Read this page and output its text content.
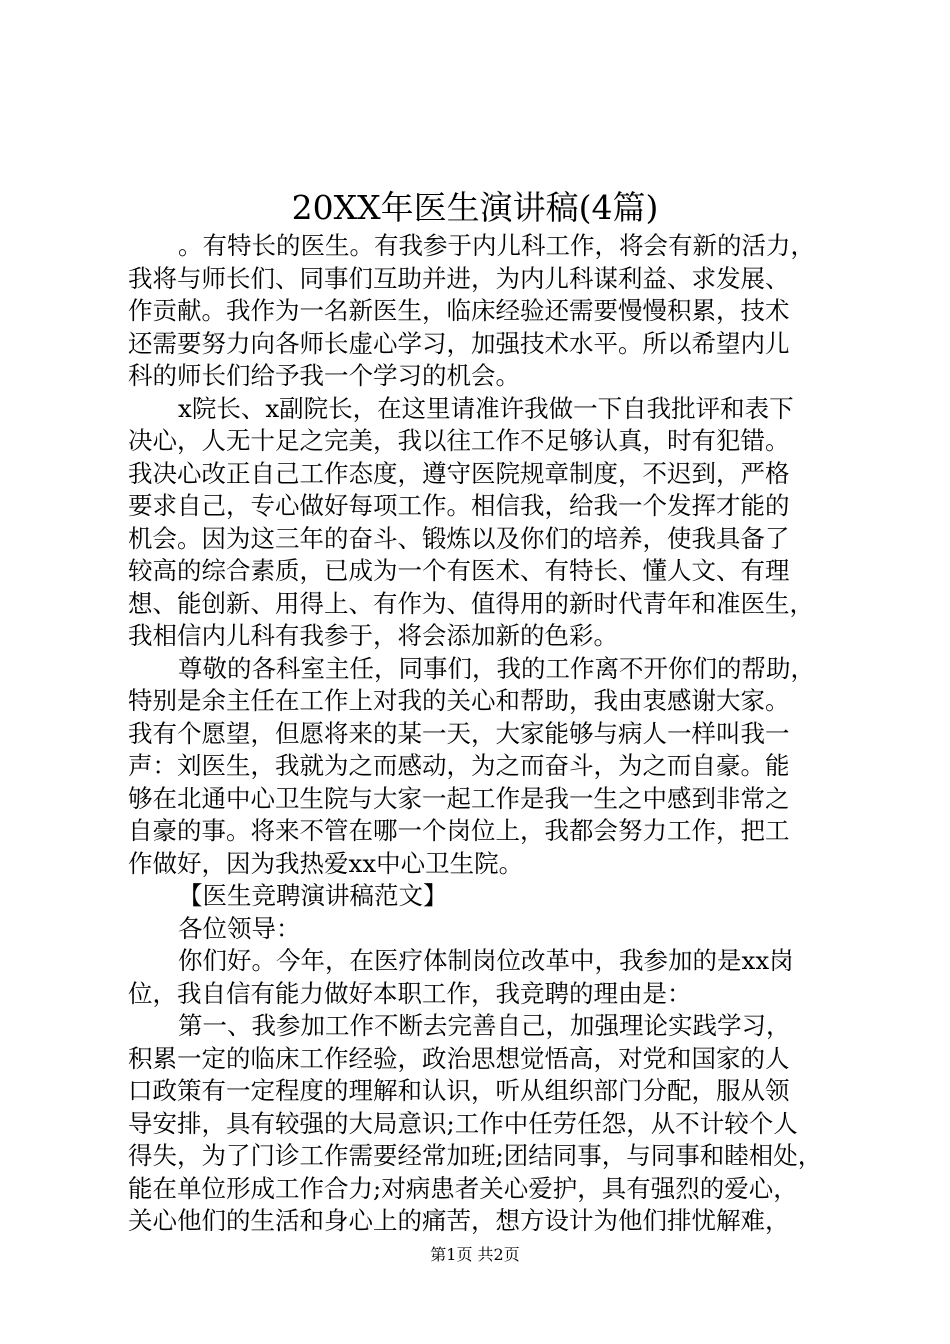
20XX年医生演讲稿(4篇)
。有特长的医生。有我参于内儿科工作，将会有新的活力，
我将与师长们、同事们互助并进，为内儿科谋利益、求发展、
作贡献。我作为一名新医生，临床经验还需要慢慢积累，技术
还需要努力向各师长虚心学习，加强技术水平。所以希望内儿
科的师长们给予我一个学习的机会。
x院长、x副院长，在这里请准许我做一下自我批评和表下
决心，人无十足之完美，我以往工作不足够认真，时有犯错。
我决心改正自己工作态度，遵守医院规章制度，不迟到，严格
要求自己，专心做好每项工作。相信我，给我一个发挥才能的
机会。因为这三年的奋斗、锻炼以及你们的培养，使我具备了
较高的综合素质，已成为一个有医术、有特长、懂人文、有理
想、能创新、用得上、有作为、值得用的新时代青年和准医生，
我相信内儿科有我参于，将会添加新的色彩。
尊敬的各科室主任，同事们，我的工作离不开你们的帮助，
特别是余主任在工作上对我的关心和帮助，我由衷感谢大家。
我有个愿望，但愿将来的某一天，大家能够与病人一样叫我一
声：刘医生，我就为之而感动，为之而奋斗，为之而自豪。能
够在北通中心卫生院与大家一起工作是我一生之中感到非常之
自豪的事。将来不管在哪一个岗位上，我都会努力工作，把工
作做好，因为我热爱xx中心卫生院。
【医生竞聘演讲稿范文】
各位领导：
你们好。今年，在医疗体制岗位改革中，我参加的是xx岗
位，我自信有能力做好本职工作，我竞聘的理由是：
第一、我参加工作不断去完善自己，加强理论实践学习，
积累一定的临床工作经验，政治思想觉悟高，对党和国家的人
口政策有一定程度的理解和认识，听从组织部门分配，服从领
导安排，具有较强的大局意识;工作中任劳任怨，从不计较个人
得失，为了门诊工作需要经常加班;团结同事，与同事和睦相处，
能在单位形成工作合力;对病患者关心爱护，具有强烈的爱心，
关心他们的生活和身心上的痛苦，想方设计为他们排忧解难，
第1页 共2页
